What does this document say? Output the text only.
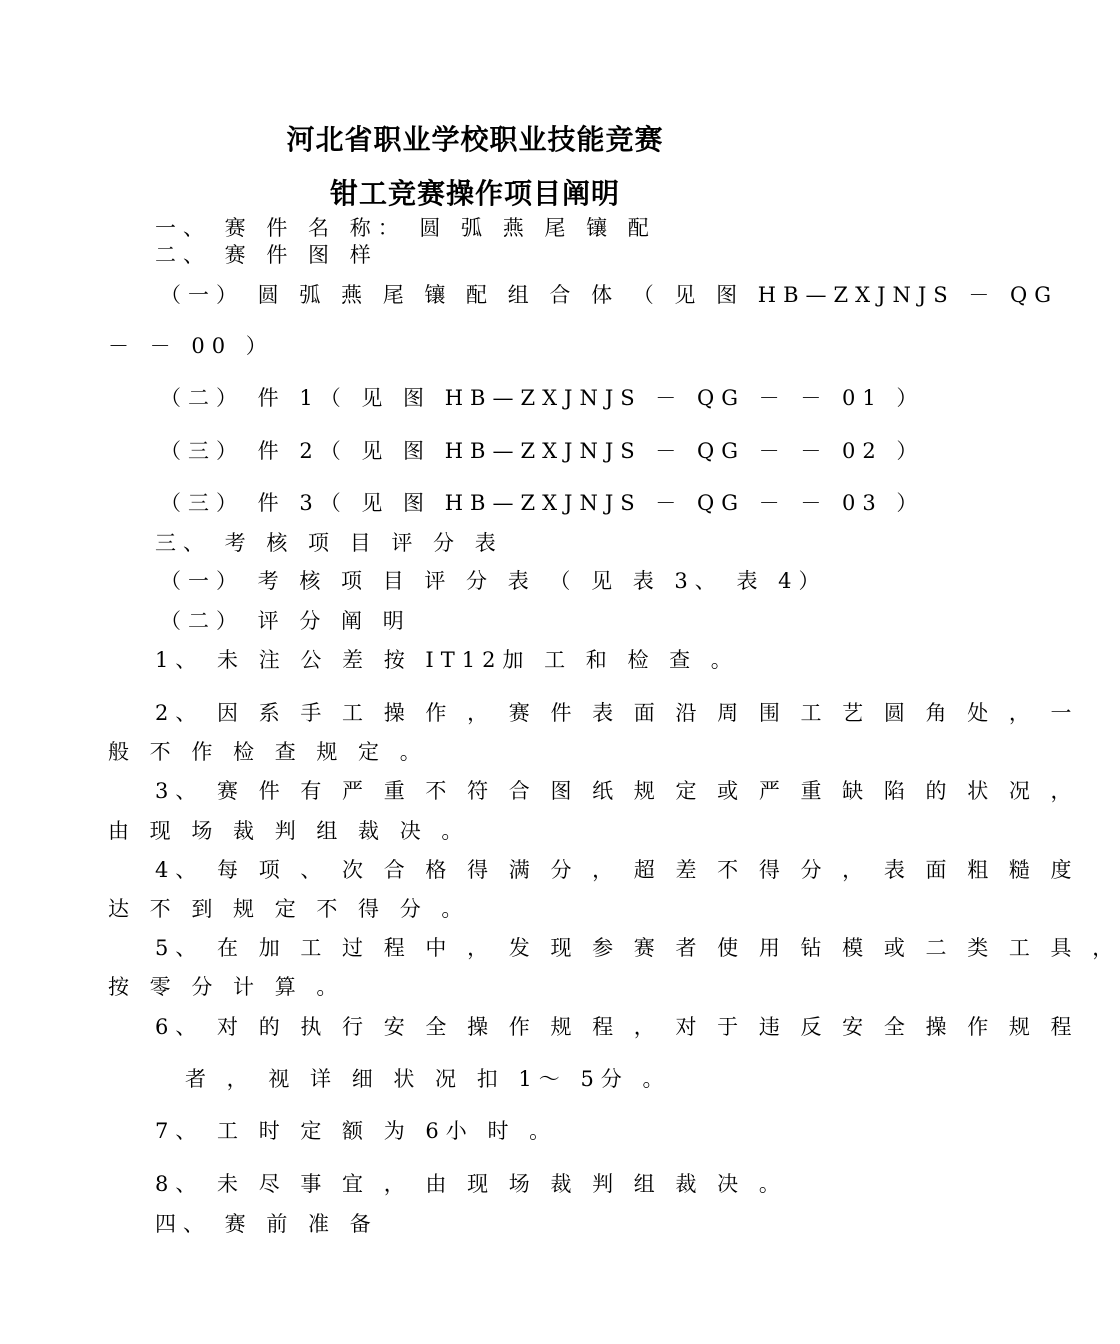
河北省职业学校职业技能竞赛
钳工竞赛操作项目阐明
一、 赛 件 名 称： 圆 弧 燕 尾 镶 配
二、 赛 件 图 样
（一） 圆 弧 燕 尾 镶 配 组 合 体 （ 见 图 HB—ZXJNJS － QG
－ － 00 ）
（二） 件 1（ 见 图 HB—ZXJNJS － QG － － 01 ）
（三） 件 2（ 见 图 HB—ZXJNJS － QG － － 02 ）
（三） 件 3（ 见 图 HB—ZXJNJS － QG － － 03 ）
三、 考 核 项 目 评 分 表
（一） 考 核 项 目 评 分 表 （ 见 表 3、 表 4）
（二） 评 分 阐 明
1、 未 注 公 差 按 IT12加 工 和 检 查 。
2、 因 系 手 工 操 作 ， 赛 件 表 面 沿 周 围 工 艺 圆 角 处 ， 一
般 不 作 检 查 规 定 。
3、 赛 件 有 严 重 不 符 合 图 纸 规 定 或 严 重 缺 陷 的 状 况 ，
由 现 场 裁 判 组 裁 决 。
4、 每 项 、 次 合 格 得 满 分 ， 超 差 不 得 分 ， 表 面 粗 糙 度
达 不 到 规 定 不 得 分 。
5、 在 加 工 过 程 中 ， 发 现 参 赛 者 使 用 钻 模 或 二 类 工 具 ，
按 零 分 计 算 。
6、 对 的 执 行 安 全 操 作 规 程 ， 对 于 违 反 安 全 操 作 规 程
者 ， 视 详 细 状 况 扣 1～ 5分 。
7、 工 时 定 额 为 6小 时 。
8、 未 尽 事 宜 ， 由 现 场 裁 判 组 裁 决 。
四、 赛 前 准 备
